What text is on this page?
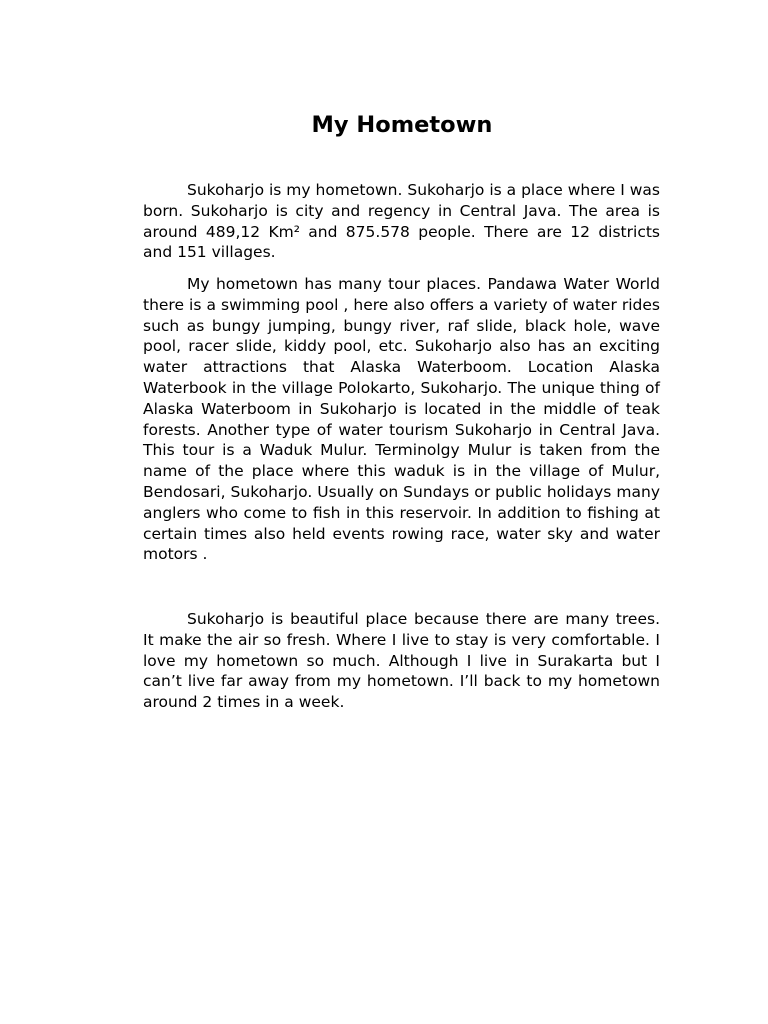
My Hometown

Sukoharjo is my hometown. Sukoharjo is a place where I was born. Sukoharjo is city and regency in Central Java. The area is around 489,12 Km² and 875.578 people. There are 12 districts and 151 villages.

My hometown has many tour places. Pandawa Water World there is a swimming pool , here also offers a variety of water rides such as bungy jumping, bungy river, raf slide, black hole, wave pool, racer slide, kiddy pool, etc. Sukoharjo also has an exciting water attractions that Alaska Waterboom. Location Alaska Waterbook in the village Polokarto, Sukoharjo. The unique thing of Alaska Waterboom in Sukoharjo is located in the middle of teak forests. Another type of water tourism Sukoharjo in Central Java. This tour is a Waduk Mulur. Terminolgy Mulur is taken from the name of the place where this waduk is in the village of Mulur, Bendosari, Sukoharjo. Usually on Sundays or public holidays many anglers who come to fish in this reservoir. In addition to fishing at certain times also held events rowing race, water sky and water motors .

Sukoharjo is beautiful place because there are many trees. It make the air so fresh. Where I live to stay is very comfortable. I love my hometown so much. Although I live in Surakarta but I can’t live far away from my hometown. I’ll back to my hometown around 2 times in a week.
